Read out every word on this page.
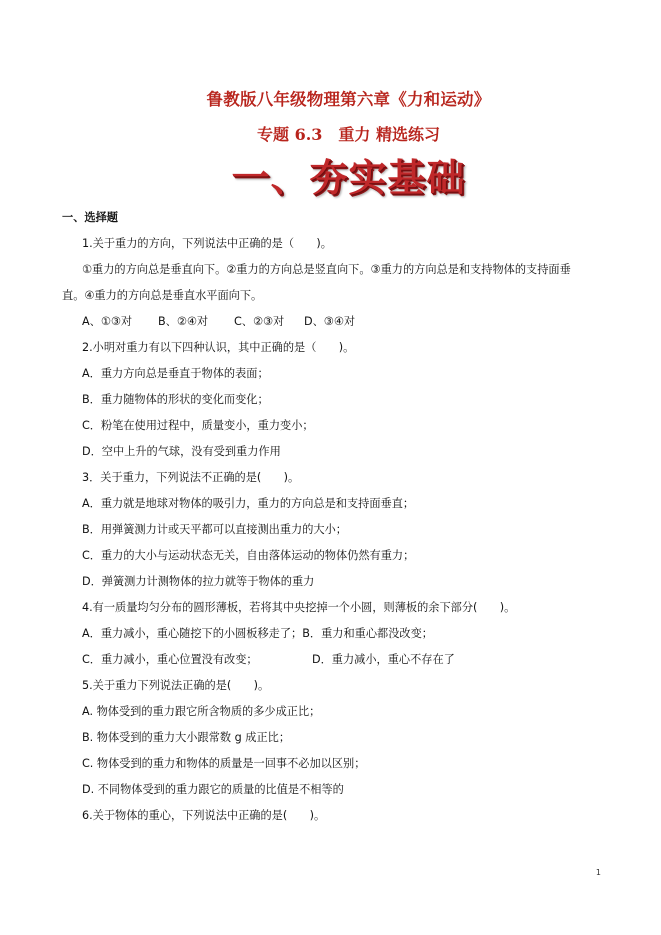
鲁教版八年级物理第六章《力和运动》
专题 6.3　重力 精选练习
一、夯实基础
一、选择题
1.关于重力的方向，下列说法中正确的是（　　)。
①重力的方向总是垂直向下。②重力的方向总是竖直向下。③重力的方向总是和支持物体的支持面垂
直。④重力的方向总是垂直水平面向下。
A、①③对 B、②④对 C、②③对 D、③④对
2.小明对重力有以下四种认识，其中正确的是（　　)。
A．重力方向总是垂直于物体的表面；
B．重力随物体的形状的变化而变化；
C．粉笔在使用过程中，质量变小，重力变小；
D．空中上升的气球，没有受到重力作用
3．关于重力，下列说法不正确的是(　　)。
A．重力就是地球对物体的吸引力，重力的方向总是和支持面垂直；
B．用弹簧测力计或天平都可以直接测出重力的大小；
C．重力的大小与运动状态无关，自由落体运动的物体仍然有重力；
D．弹簧测力计测物体的拉力就等于物体的重力
4.有一质量均匀分布的圆形薄板，若将其中央挖掉一个小圆，则薄板的余下部分(　　)。
A．重力减小，重心随挖下的小圆板移走了；B．重力和重心都没改变；
C．重力减小，重心位置没有改变；	D．重力减小，重心不存在了
5.关于重力下列说法正确的是(　　)。
A. 物体受到的重力跟它所含物质的多少成正比；
B. 物体受到的重力大小跟常数 g 成正比；
C. 物体受到的重力和物体的质量是一回事不必加以区别；
D. 不同物体受到的重力跟它的质量的比值是不相等的
6.关于物体的重心，下列说法中正确的是(　　)。
1
